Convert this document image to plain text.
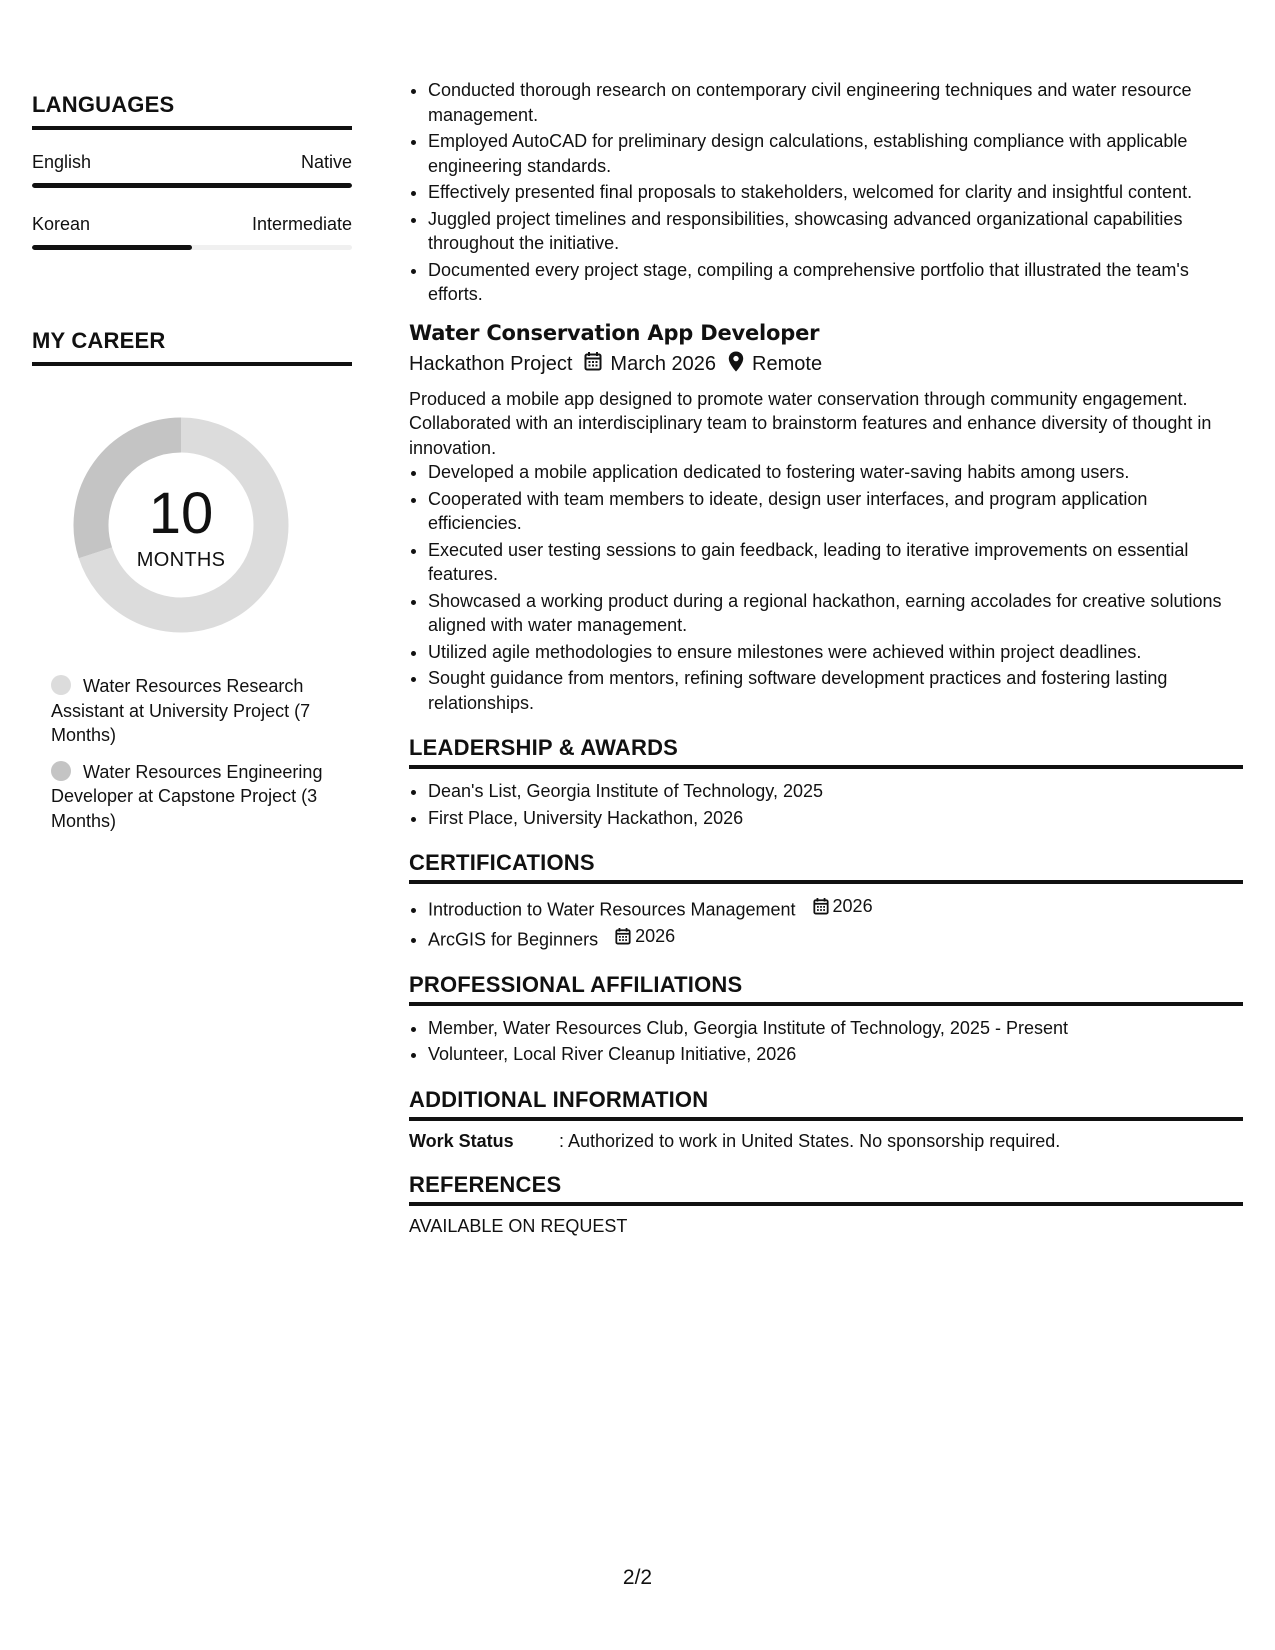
LANGUAGES
English	Native
Korean	Intermediate
MY CAREER
10
MONTHS
Water Resources Research Assistant at University Project (7 Months)
Water Resources Engineering Developer at Capstone Project (3 Months)
• Conducted thorough research on contemporary civil engineering techniques and water resource management.
• Employed AutoCAD for preliminary design calculations, establishing compliance with applicable engineering standards.
• Effectively presented final proposals to stakeholders, welcomed for clarity and insightful content.
• Juggled project timelines and responsibilities, showcasing advanced organizational capabilities throughout the initiative.
• Documented every project stage, compiling a comprehensive portfolio that illustrated the team's efforts.
Water Conservation App Developer
Hackathon Project March 2026 Remote
Produced a mobile app designed to promote water conservation through community engagement. Collaborated with an interdisciplinary team to brainstorm features and enhance diversity of thought in innovation.
• Developed a mobile application dedicated to fostering water-saving habits among users.
• Cooperated with team members to ideate, design user interfaces, and program application efficiencies.
• Executed user testing sessions to gain feedback, leading to iterative improvements on essential features.
• Showcased a working product during a regional hackathon, earning accolades for creative solutions aligned with water management.
• Utilized agile methodologies to ensure milestones were achieved within project deadlines.
• Sought guidance from mentors, refining software development practices and fostering lasting relationships.
LEADERSHIP & AWARDS
• Dean's List, Georgia Institute of Technology, 2025
• First Place, University Hackathon, 2026
CERTIFICATIONS
• Introduction to Water Resources Management 2026
• ArcGIS for Beginners 2026
PROFESSIONAL AFFILIATIONS
• Member, Water Resources Club, Georgia Institute of Technology, 2025 - Present
• Volunteer, Local River Cleanup Initiative, 2026
ADDITIONAL INFORMATION
Work Status	: Authorized to work in United States. No sponsorship required.
REFERENCES
AVAILABLE ON REQUEST
2/2
